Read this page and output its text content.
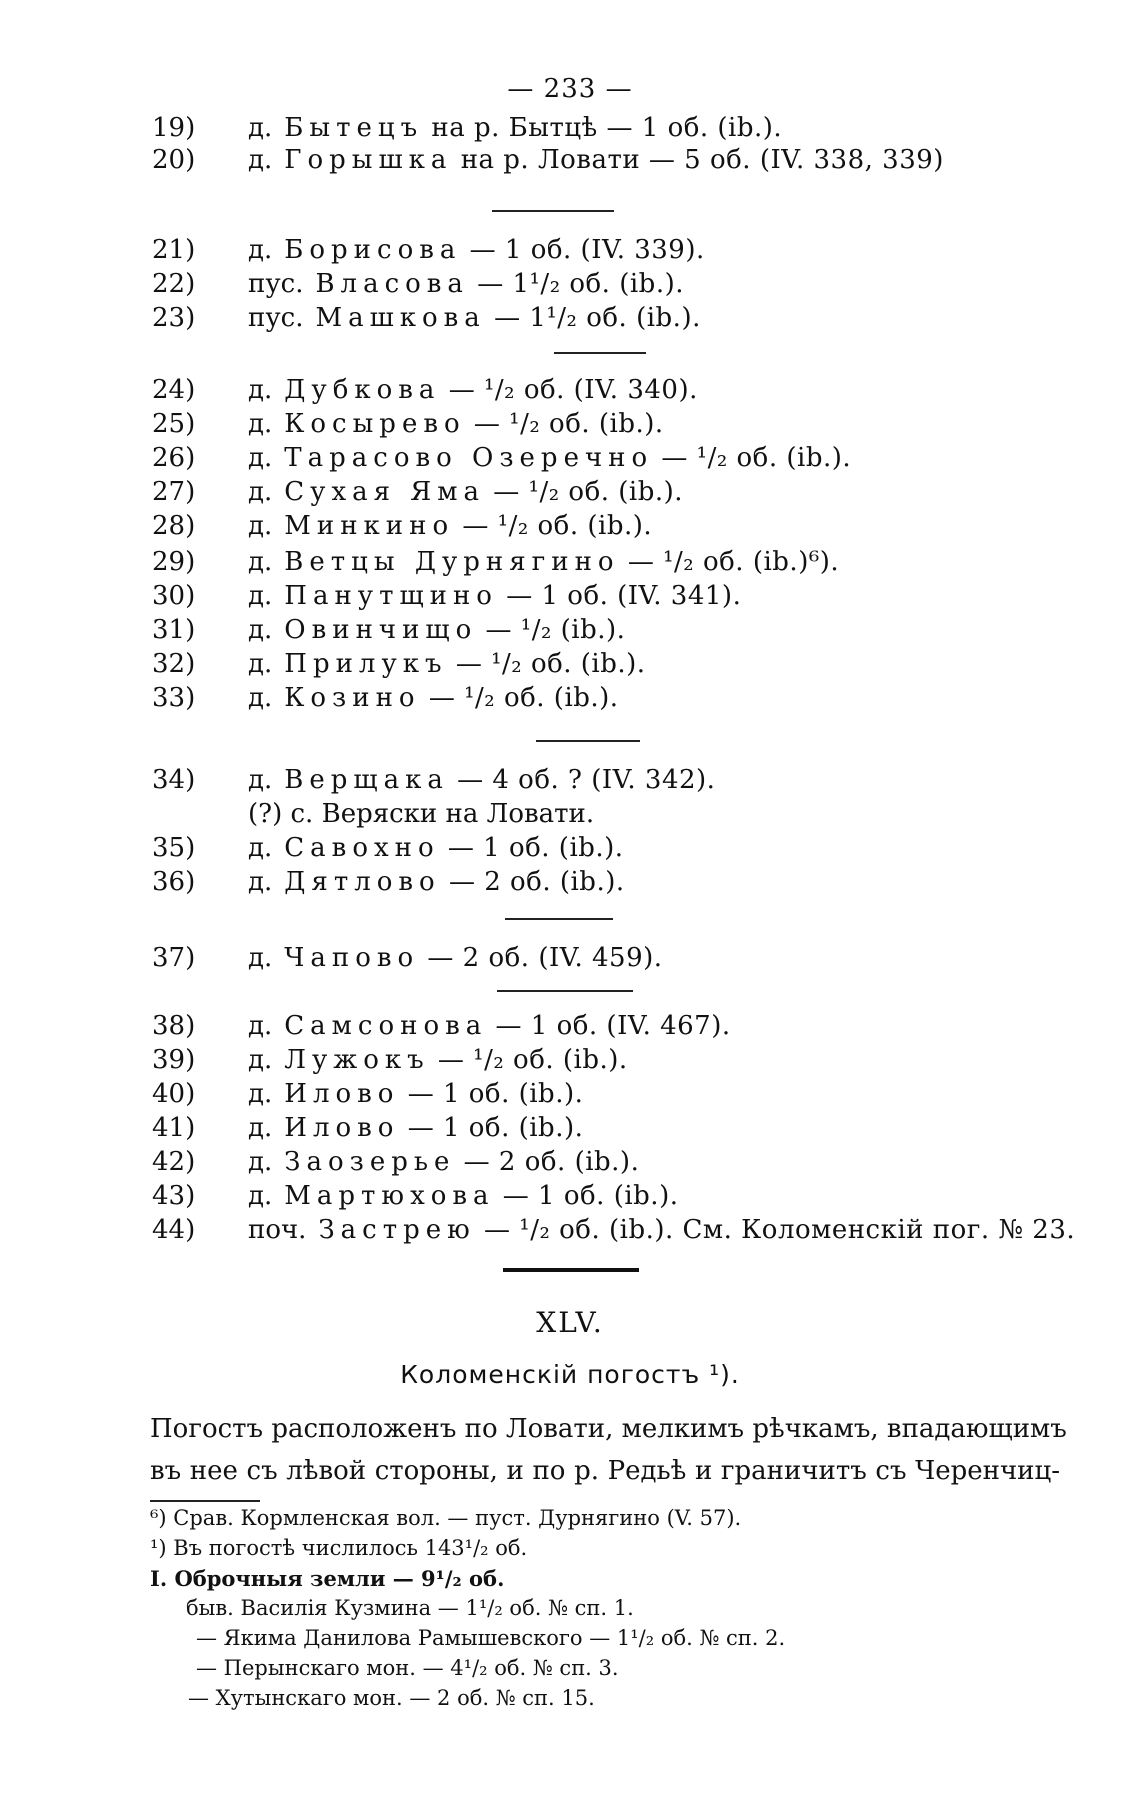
— 233 —
19) д. Бытецъ на р. Бытцѣ — 1 об. (ib.).
20) д. Горышка на р. Ловати — 5 об. (IV. 338, 339)
21) д. Борисова — 1 об. (IV. 339).
22) пус. Власова — 1¹/₂ об. (ib.).
23) пус. Машкова — 1¹/₂ об. (ib.).
24) д. Дубкова — ¹/₂ об. (IV. 340).
25) д. Косырево — ¹/₂ об. (ib.).
26) д. Тарасово Озеречно — ¹/₂ об. (ib.).
27) д. Сухая Яма — ¹/₂ об. (ib.).
28) д. Минкино — ¹/₂ об. (ib.).
29) д. Ветцы Дурнягино — ¹/₂ об. (ib.)⁶).
30) д. Панутщино — 1 об. (IV. 341).
31) д. Овинчищо — ¹/₂ (ib.).
32) д. Прилукъ — ¹/₂ об. (ib.).
33) д. Козино — ¹/₂ об. (ib.).
34) д. Верщака — 4 об. ? (IV. 342).
(?) с. Веряски на Ловати.
35) д. Савохно — 1 об. (ib.).
36) д. Дятлово — 2 об. (ib.).
37) д. Чапово — 2 об. (IV. 459).
38) д. Самсонова — 1 об. (IV. 467).
39) д. Лужокъ — ¹/₂ об. (ib.).
40) д. Илово — 1 об. (ib.).
41) д. Илово — 1 об. (ib.).
42) д. Заозерье — 2 об. (ib.).
43) д. Мартюхова — 1 об. (ib.).
44) поч. Застрею — ¹/₂ об. (ib.). См. Коломенскій пог. № 23.
XLV.
Коломенскій погостъ ¹).
Погостъ расположенъ по Ловати, мелкимъ рѣчкамъ, впадающимъ
въ нее съ лѣвой стороны, и по р. Редьѣ и граничитъ съ Черенчиц-
⁶) Срав. Кормленская вол. — пуст. Дурнягино (V. 57).
¹) Въ погостѣ числилось 143¹/₂ об.
I. Оброчныя земли — 9¹/₂ об.
быв. Василія Кузмина — 1¹/₂ об. № сп. 1.
— Якима Данилова Рамышевского — 1¹/₂ об. № сп. 2.
— Перынскаго мон. — 4¹/₂ об. № сп. 3.
— Хутынскаго мон. — 2 об. № сп. 15.
